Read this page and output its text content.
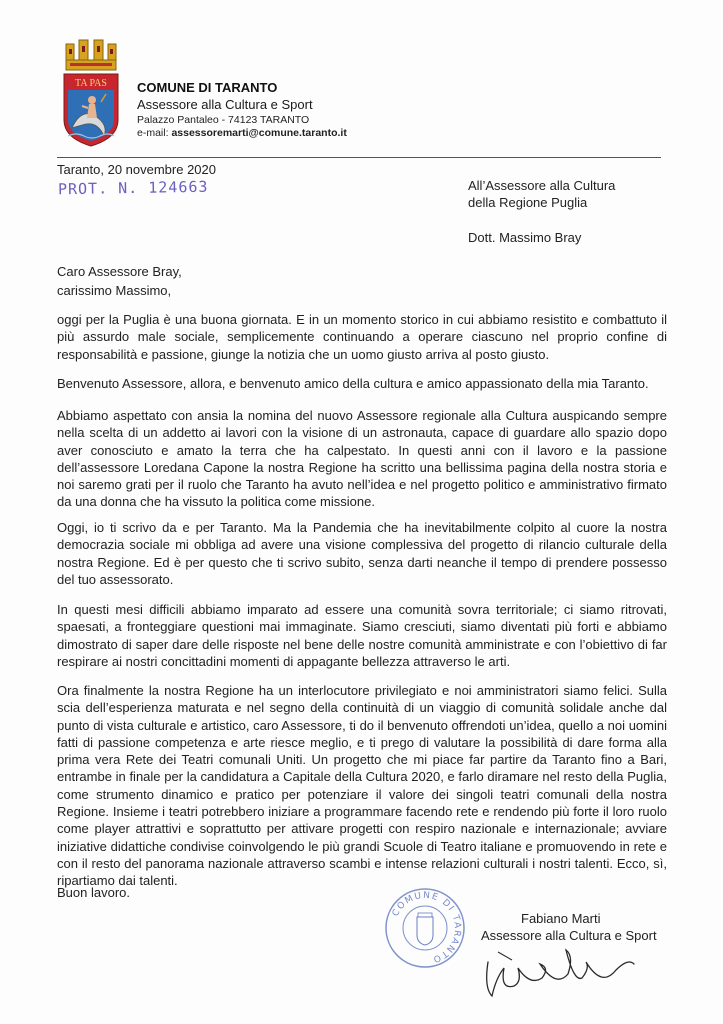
TA PAS COMUNE DI TARANTO
Assessore alla Cultura e Sport
Palazzo Pantaleo - 74123 TARANTO
e-mail: assessoremarti@comune.taranto.it
Taranto, 20 novembre 2020
PROT. N. 124663	All’Assessore alla Cultura
della Regione Puglia
Dott. Massimo Bray
Caro Assessore Bray,
carissimo Massimo,

oggi per la Puglia è una buona giornata. E in un momento storico in cui abbiamo resistito e combattuto il più assurdo male sociale, semplicemente continuando a operare ciascuno nel proprio confine di responsabilità e passione, giunge la notizia che un uomo giusto arriva al posto giusto.

Benvenuto Assessore, allora, e benvenuto amico della cultura e amico appassionato della mia Taranto.

Abbiamo aspettato con ansia la nomina del nuovo Assessore regionale alla Cultura auspicando sempre nella scelta di un addetto ai lavori con la visione di un astronauta, capace di guardare allo spazio dopo aver conosciuto e amato la terra che ha calpestato. In questi anni con il lavoro e la passione dell’assessore Loredana Capone la nostra Regione ha scritto una bellissima pagina della nostra storia e noi saremo grati per il ruolo che Taranto ha avuto nell’idea e nel progetto politico e amministrativo firmato da una donna che ha vissuto la politica come missione.

Oggi, io ti scrivo da e per Taranto. Ma la Pandemia che ha inevitabilmente colpito al cuore la nostra democrazia sociale mi obbliga ad avere una visione complessiva del progetto di rilancio culturale della nostra Regione. Ed è per questo che ti scrivo subito, senza darti neanche il tempo di prendere possesso del tuo assessorato.

In questi mesi difficili abbiamo imparato ad essere una comunità sovra territoriale; ci siamo ritrovati, spaesati, a fronteggiare questioni mai immaginate. Siamo cresciuti, siamo diventati più forti e abbiamo dimostrato di saper dare delle risposte nel bene delle nostre comunità amministrate e con l’obiettivo di far respirare ai nostri concittadini momenti di appagante bellezza attraverso le arti.

Ora finalmente la nostra Regione ha un interlocutore privilegiato e noi amministratori siamo felici. Sulla scia dell’esperienza maturata e nel segno della continuità di un viaggio di comunità solidale anche dal punto di vista culturale e artistico, caro Assessore, ti do il benvenuto offrendoti un’idea, quello a noi uomini fatti di passione competenza e arte riesce meglio, e ti prego di valutare la possibilità di dare forma alla prima vera Rete dei Teatri comunali Uniti. Un progetto che mi piace far partire da Taranto fino a Bari, entrambe in finale per la candidatura a Capitale della Cultura 2020, e farlo diramare nel resto della Puglia, come strumento dinamico e pratico per potenziare il valore dei singoli teatri comunali della nostra Regione. Insieme i teatri potrebbero iniziare a programmare facendo rete e rendendo più forte il loro ruolo come player attrattivi e soprattutto per attivare progetti con respiro nazionale e internazionale; avviare iniziative didattiche condivise coinvolgendo le più grandi Scuole di Teatro italiane e promuovendo in rete e con il resto del panorama nazionale attraverso scambi e intense relazioni culturali i nostri talenti. Ecco, sì, ripartiamo dai talenti.

Buon lavoro.
COMUNE DI TARANTO
Fabiano Marti
Assessore alla Cultura e Sport
